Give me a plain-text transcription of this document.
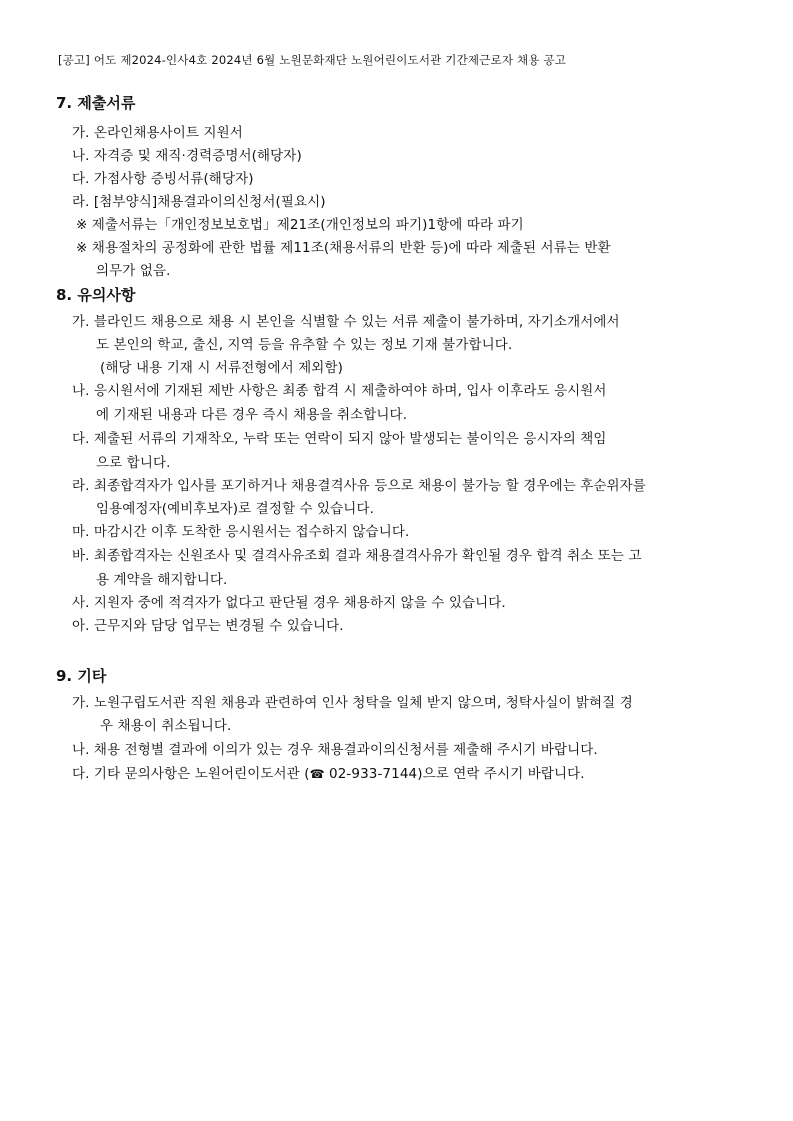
[공고] 어도 제2024-인사4호 2024년 6월 노원문화재단 노원어린이도서관 기간제근로자 채용 공고
7. 제출서류
가. 온라인채용사이트 지원서
나. 자격증 및 재직·경력증명서(해당자)
다. 가점사항 증빙서류(해당자)
라. [첨부양식]채용결과이의신청서(필요시)
※ 제출서류는「개인정보보호법」제21조(개인정보의 파기)1항에 따라 파기
※ 채용절차의 공정화에 관한 법률 제11조(채용서류의 반환 등)에 따라 제출된 서류는 반환
의무가 없음.
8. 유의사항
가. 블라인드 채용으로 채용 시 본인을 식별할 수 있는 서류 제출이 불가하며, 자기소개서에서
도 본인의 학교, 출신, 지역 등을 유추할 수 있는 정보 기재 불가합니다.
(해당 내용 기재 시 서류전형에서 제외함)
나. 응시원서에 기재된 제반 사항은 최종 합격 시 제출하여야 하며, 입사 이후라도 응시원서
에 기재된 내용과 다른 경우 즉시 채용을 취소합니다.
다. 제출된 서류의 기재착오, 누락 또는 연락이 되지 않아 발생되는 불이익은 응시자의 책임
으로 합니다.
라. 최종합격자가 입사를 포기하거나 채용결격사유 등으로 채용이 불가능 할 경우에는 후순위자를
임용예정자(예비후보자)로 결정할 수 있습니다.
마. 마감시간 이후 도착한 응시원서는 접수하지 않습니다.
바. 최종합격자는 신원조사 및 결격사유조회 결과 채용결격사유가 확인될 경우 합격 취소 또는 고
용 계약을 해지합니다.
사. 지원자 중에 적격자가 없다고 판단될 경우 채용하지 않을 수 있습니다.
아. 근무지와 담당 업무는 변경될 수 있습니다.
9. 기타
가. 노원구립도서관 직원 채용과 관련하여 인사 청탁을 일체 받지 않으며, 청탁사실이 밝혀질 경
우 채용이 취소됩니다.
나. 채용 전형별 결과에 이의가 있는 경우 채용결과이의신청서를 제출해 주시기 바랍니다.
다. 기타 문의사항은 노원어린이도서관 (☎ 02-933-7144)으로 연락 주시기 바랍니다.
